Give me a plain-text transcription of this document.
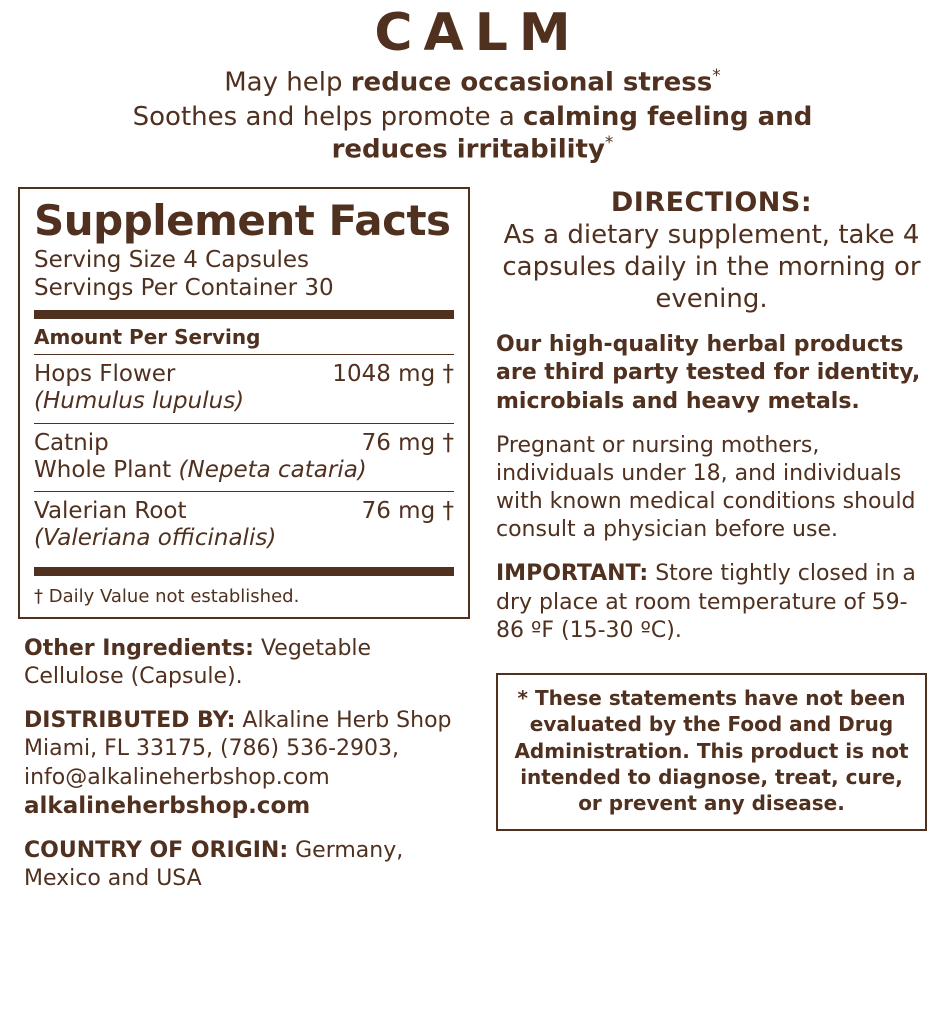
CALM
May help reduce occasional stress*
Soothes and helps promote a calming feeling and reduces irritability*
Supplement Facts
Serving Size 4 Capsules
Servings Per Container 30
Amount Per Serving
Hops Flower	1048 mg †
(Humulus lupulus)
Catnip	76 mg †
Whole Plant (Nepeta cataria)
Valerian Root	76 mg †
(Valeriana officinalis)
† Daily Value not established.
Other Ingredients: Vegetable Cellulose (Capsule).
DISTRIBUTED BY: Alkaline Herb Shop Miami, FL 33175, (786) 536-2903, info@alkalineherbshop.com
alkalineherbshop.com
COUNTRY OF ORIGIN: Germany, Mexico and USA
DIRECTIONS:
As a dietary supplement, take 4 capsules daily in the morning or evening.
Our high-quality herbal products are third party tested for identity, microbials and heavy metals.
Pregnant or nursing mothers, individuals under 18, and individuals with known medical conditions should consult a physician before use.
IMPORTANT: Store tightly closed in a dry place at room temperature of 59-86 ºF (15-30 ºC).
* These statements have not been evaluated by the Food and Drug Administration. This product is not intended to diagnose, treat, cure, or prevent any disease.
